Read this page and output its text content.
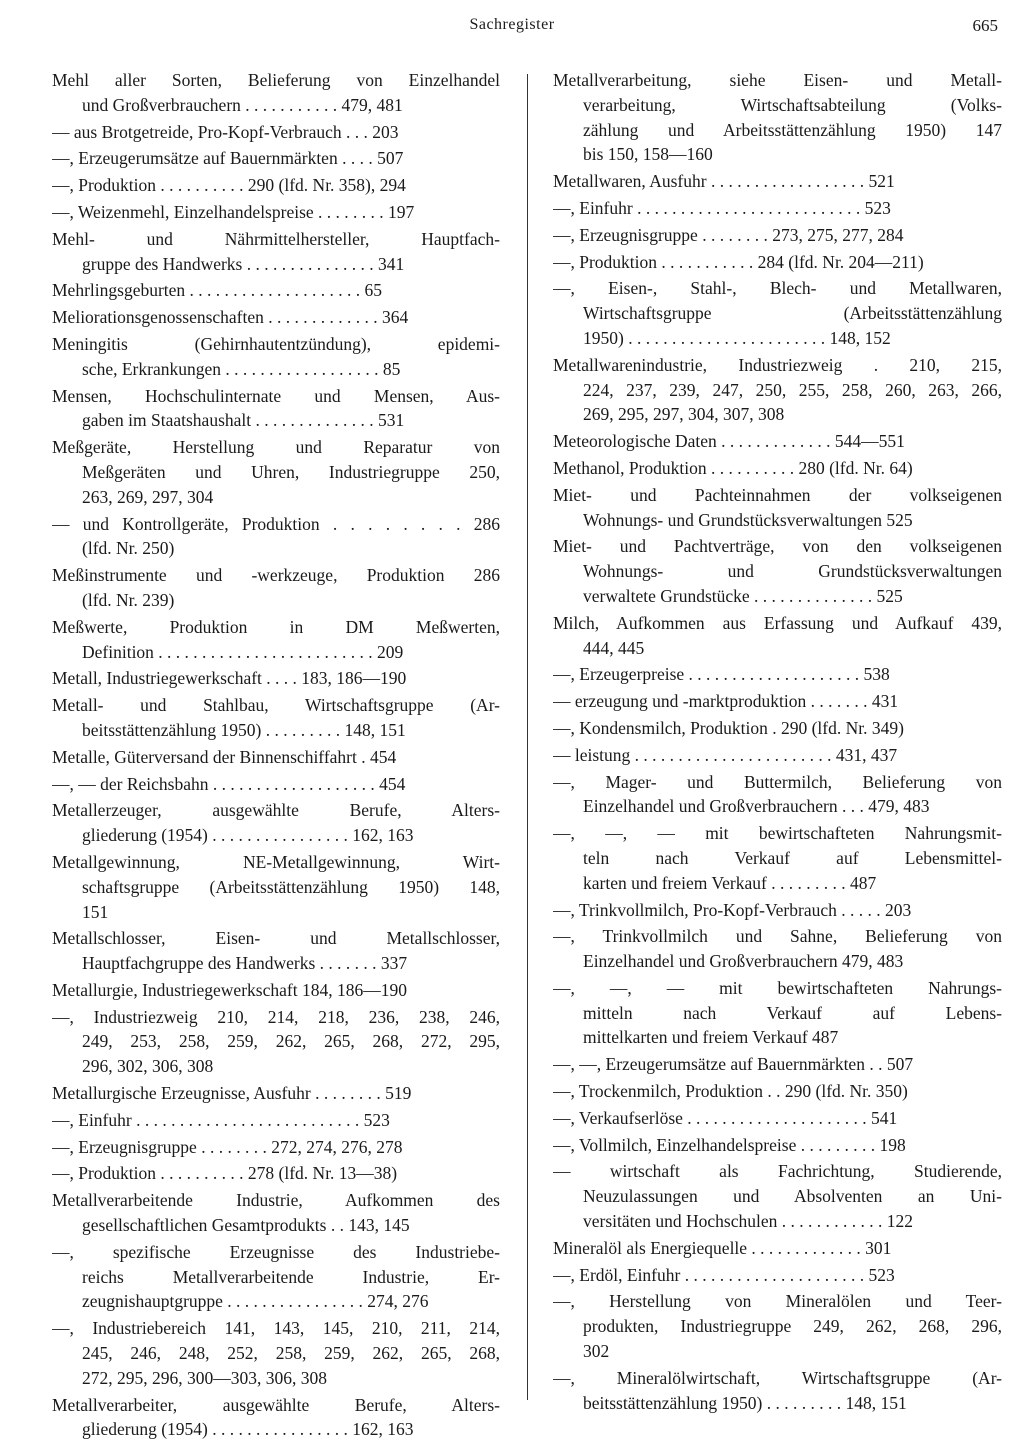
Sachregister	665
Mehl aller Sorten, Belieferung von Einzelhandel
und Großverbrauchern . . . . . . . . . . . 479, 481
— aus Brotgetreide, Pro-Kopf-Verbrauch . . . 203
—, Erzeugerumsätze auf Bauernmärkten . . . . 507
—, Produktion . . . . . . . . . . 290 (lfd. Nr. 358), 294
—, Weizenmehl, Einzelhandelspreise . . . . . . . . 197
Mehl- und Nährmittelhersteller, Hauptfach-
gruppe des Handwerks . . . . . . . . . . . . . . . 341
Mehrlingsgeburten . . . . . . . . . . . . . . . . . . . . 65
Meliorationsgenossenschaften . . . . . . . . . . . . . 364
Meningitis (Gehirnhautentzündung), epidemi-
sche, Erkrankungen . . . . . . . . . . . . . . . . . . 85
Mensen, Hochschulinternate und Mensen, Aus-
gaben im Staatshaushalt . . . . . . . . . . . . . . 531
Meßgeräte, Herstellung und Reparatur von
Meßgeräten und Uhren, Industriegruppe 250,
263, 269, 297, 304
— und Kontrollgeräte, Produktion . . . . . . . . 286
(lfd. Nr. 250)
Meßinstrumente und -werkzeuge, Produktion 286
(lfd. Nr. 239)
Meßwerte, Produktion in DM Meßwerten,
Definition . . . . . . . . . . . . . . . . . . . . . . . . . 209
Metall, Industriegewerkschaft . . . . 183, 186—190
Metall- und Stahlbau, Wirtschaftsgruppe (Ar-
beitsstättenzählung 1950) . . . . . . . . . 148, 151
Metalle, Güterversand der Binnenschiffahrt . 454
—, — der Reichsbahn . . . . . . . . . . . . . . . . . . . 454
Metallerzeuger, ausgewählte Berufe, Alters-
gliederung (1954) . . . . . . . . . . . . . . . . 162, 163
Metallgewinnung, NE-Metallgewinnung, Wirt-
schaftsgruppe (Arbeitsstättenzählung 1950) 148,
151
Metallschlosser, Eisen- und Metallschlosser,
Hauptfachgruppe des Handwerks . . . . . . . 337
Metallurgie, Industriegewerkschaft 184, 186—190
—, Industriezweig 210, 214, 218, 236, 238, 246,
249, 253, 258, 259, 262, 265, 268, 272, 295,
296, 302, 306, 308
Metallurgische Erzeugnisse, Ausfuhr . . . . . . . . 519
—, Einfuhr . . . . . . . . . . . . . . . . . . . . . . . . . . 523
—, Erzeugnisgruppe . . . . . . . . 272, 274, 276, 278
—, Produktion . . . . . . . . . . 278 (lfd. Nr. 13—38)
Metallverarbeitende Industrie, Aufkommen des
gesellschaftlichen Gesamtprodukts . . 143, 145
—, spezifische Erzeugnisse des Industriebe-
reichs Metallverarbeitende Industrie, Er-
zeugnishauptgruppe . . . . . . . . . . . . . . . . 274, 276
—, Industriebereich 141, 143, 145, 210, 211, 214,
245, 246, 248, 252, 258, 259, 262, 265, 268,
272, 295, 296, 300—303, 306, 308
Metallverarbeiter, ausgewählte Berufe, Alters-
gliederung (1954) . . . . . . . . . . . . . . . . 162, 163
Metallverarbeitung, siehe Eisen- und Metall-
verarbeitung, Wirtschaftsabteilung (Volks-
zählung und Arbeitsstättenzählung 1950) 147
bis 150, 158—160
Metallwaren, Ausfuhr . . . . . . . . . . . . . . . . . . 521
—, Einfuhr . . . . . . . . . . . . . . . . . . . . . . . . . . 523
—, Erzeugnisgruppe . . . . . . . . 273, 275, 277, 284
—, Produktion . . . . . . . . . . . 284 (lfd. Nr. 204—211)
—, Eisen-, Stahl-, Blech- und Metallwaren,
Wirtschaftsgruppe (Arbeitsstättenzählung
1950) . . . . . . . . . . . . . . . . . . . . . . . 148, 152
Metallwarenindustrie, Industriezweig . 210, 215,
224, 237, 239, 247, 250, 255, 258, 260, 263, 266,
269, 295, 297, 304, 307, 308
Meteorologische Daten . . . . . . . . . . . . . 544—551
Methanol, Produktion . . . . . . . . . . 280 (lfd. Nr. 64)
Miet- und Pachteinnahmen der volkseigenen
Wohnungs- und Grundstücksverwaltungen 525
Miet- und Pachtverträge, von den volkseigenen
Wohnungs- und Grundstücksverwaltungen
verwaltete Grundstücke . . . . . . . . . . . . . . 525
Milch, Aufkommen aus Erfassung und Aufkauf 439,
444, 445
—, Erzeugerpreise . . . . . . . . . . . . . . . . . . . . 538
— erzeugung und -marktproduktion . . . . . . . 431
—, Kondensmilch, Produktion . 290 (lfd. Nr. 349)
— leistung . . . . . . . . . . . . . . . . . . . . . . . 431, 437
—, Mager- und Buttermilch, Belieferung von
Einzelhandel und Großverbrauchern . . . 479, 483
—, —, — mit bewirtschafteten Nahrungsmit-
teln nach Verkauf auf Lebensmittel-
karten und freiem Verkauf . . . . . . . . . 487
—, Trinkvollmilch, Pro-Kopf-Verbrauch . . . . . 203
—, Trinkvollmilch und Sahne, Belieferung von
Einzelhandel und Großverbrauchern 479, 483
—, —, — mit bewirtschafteten Nahrungs-
mitteln nach Verkauf auf Lebens-
mittelkarten und freiem Verkauf 487
—, —, Erzeugerumsätze auf Bauernmärkten . . 507
—, Trockenmilch, Produktion . . 290 (lfd. Nr. 350)
—, Verkaufserlöse . . . . . . . . . . . . . . . . . . . . . 541
—, Vollmilch, Einzelhandelspreise . . . . . . . . . 198
— wirtschaft als Fachrichtung, Studierende,
Neuzulassungen und Absolventen an Uni-
versitäten und Hochschulen . . . . . . . . . . . . 122
Mineralöl als Energiequelle . . . . . . . . . . . . . 301
—, Erdöl, Einfuhr . . . . . . . . . . . . . . . . . . . . . 523
—, Herstellung von Mineralölen und Teer-
produkten, Industriegruppe 249, 262, 268, 296,
302
—, Mineralölwirtschaft, Wirtschaftsgruppe (Ar-
beitsstättenzählung 1950) . . . . . . . . . 148, 151
